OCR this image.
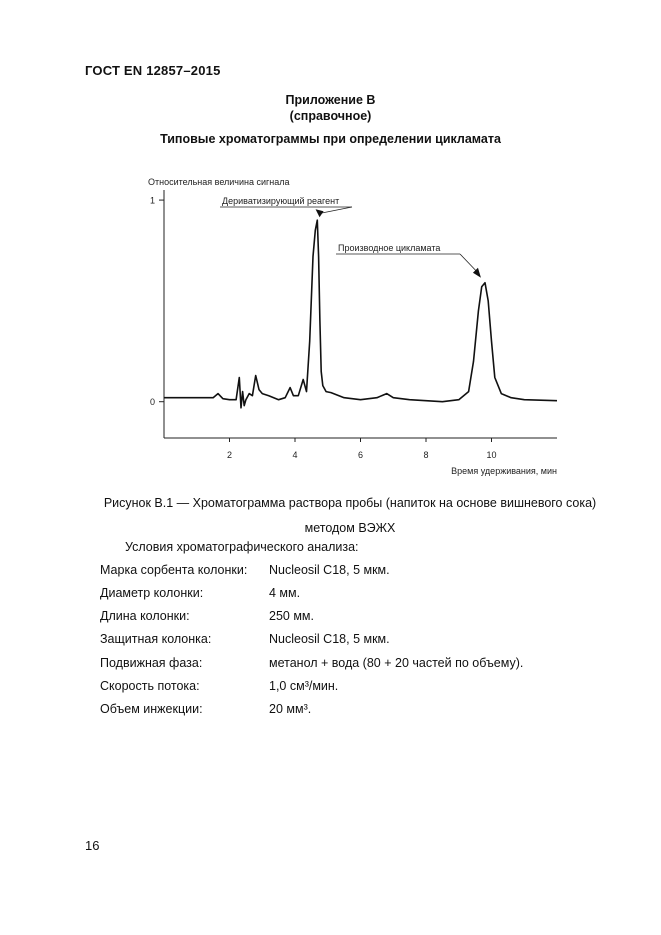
ГОСТ EN 12857–2015
Приложение В
(справочное)
Типовые хроматограммы при определении цикламата
0
1
2	4	6	8	10
Относительная величина сигнала
Время удерживания, мин
Дериватизирующий реагент
Производное цикламата
Рисунок В.1 — Хроматограмма раствора пробы (напиток на основе вишневого сока)
методом ВЭЖХ
Условия хроматографического анализа:
Марка сорбента колонки: Nucleosil C18, 5 мкм.
Диаметр колонки:	4 мм.
Длина колонки:	250 мм.
Защитная колонка:	Nucleosil C18, 5 мкм.
Подвижная фаза:	метанол + вода (80 + 20 частей по объему).
Скорость потока:	1,0 см³/мин.
Объем инжекции:	20 мм³.
16
